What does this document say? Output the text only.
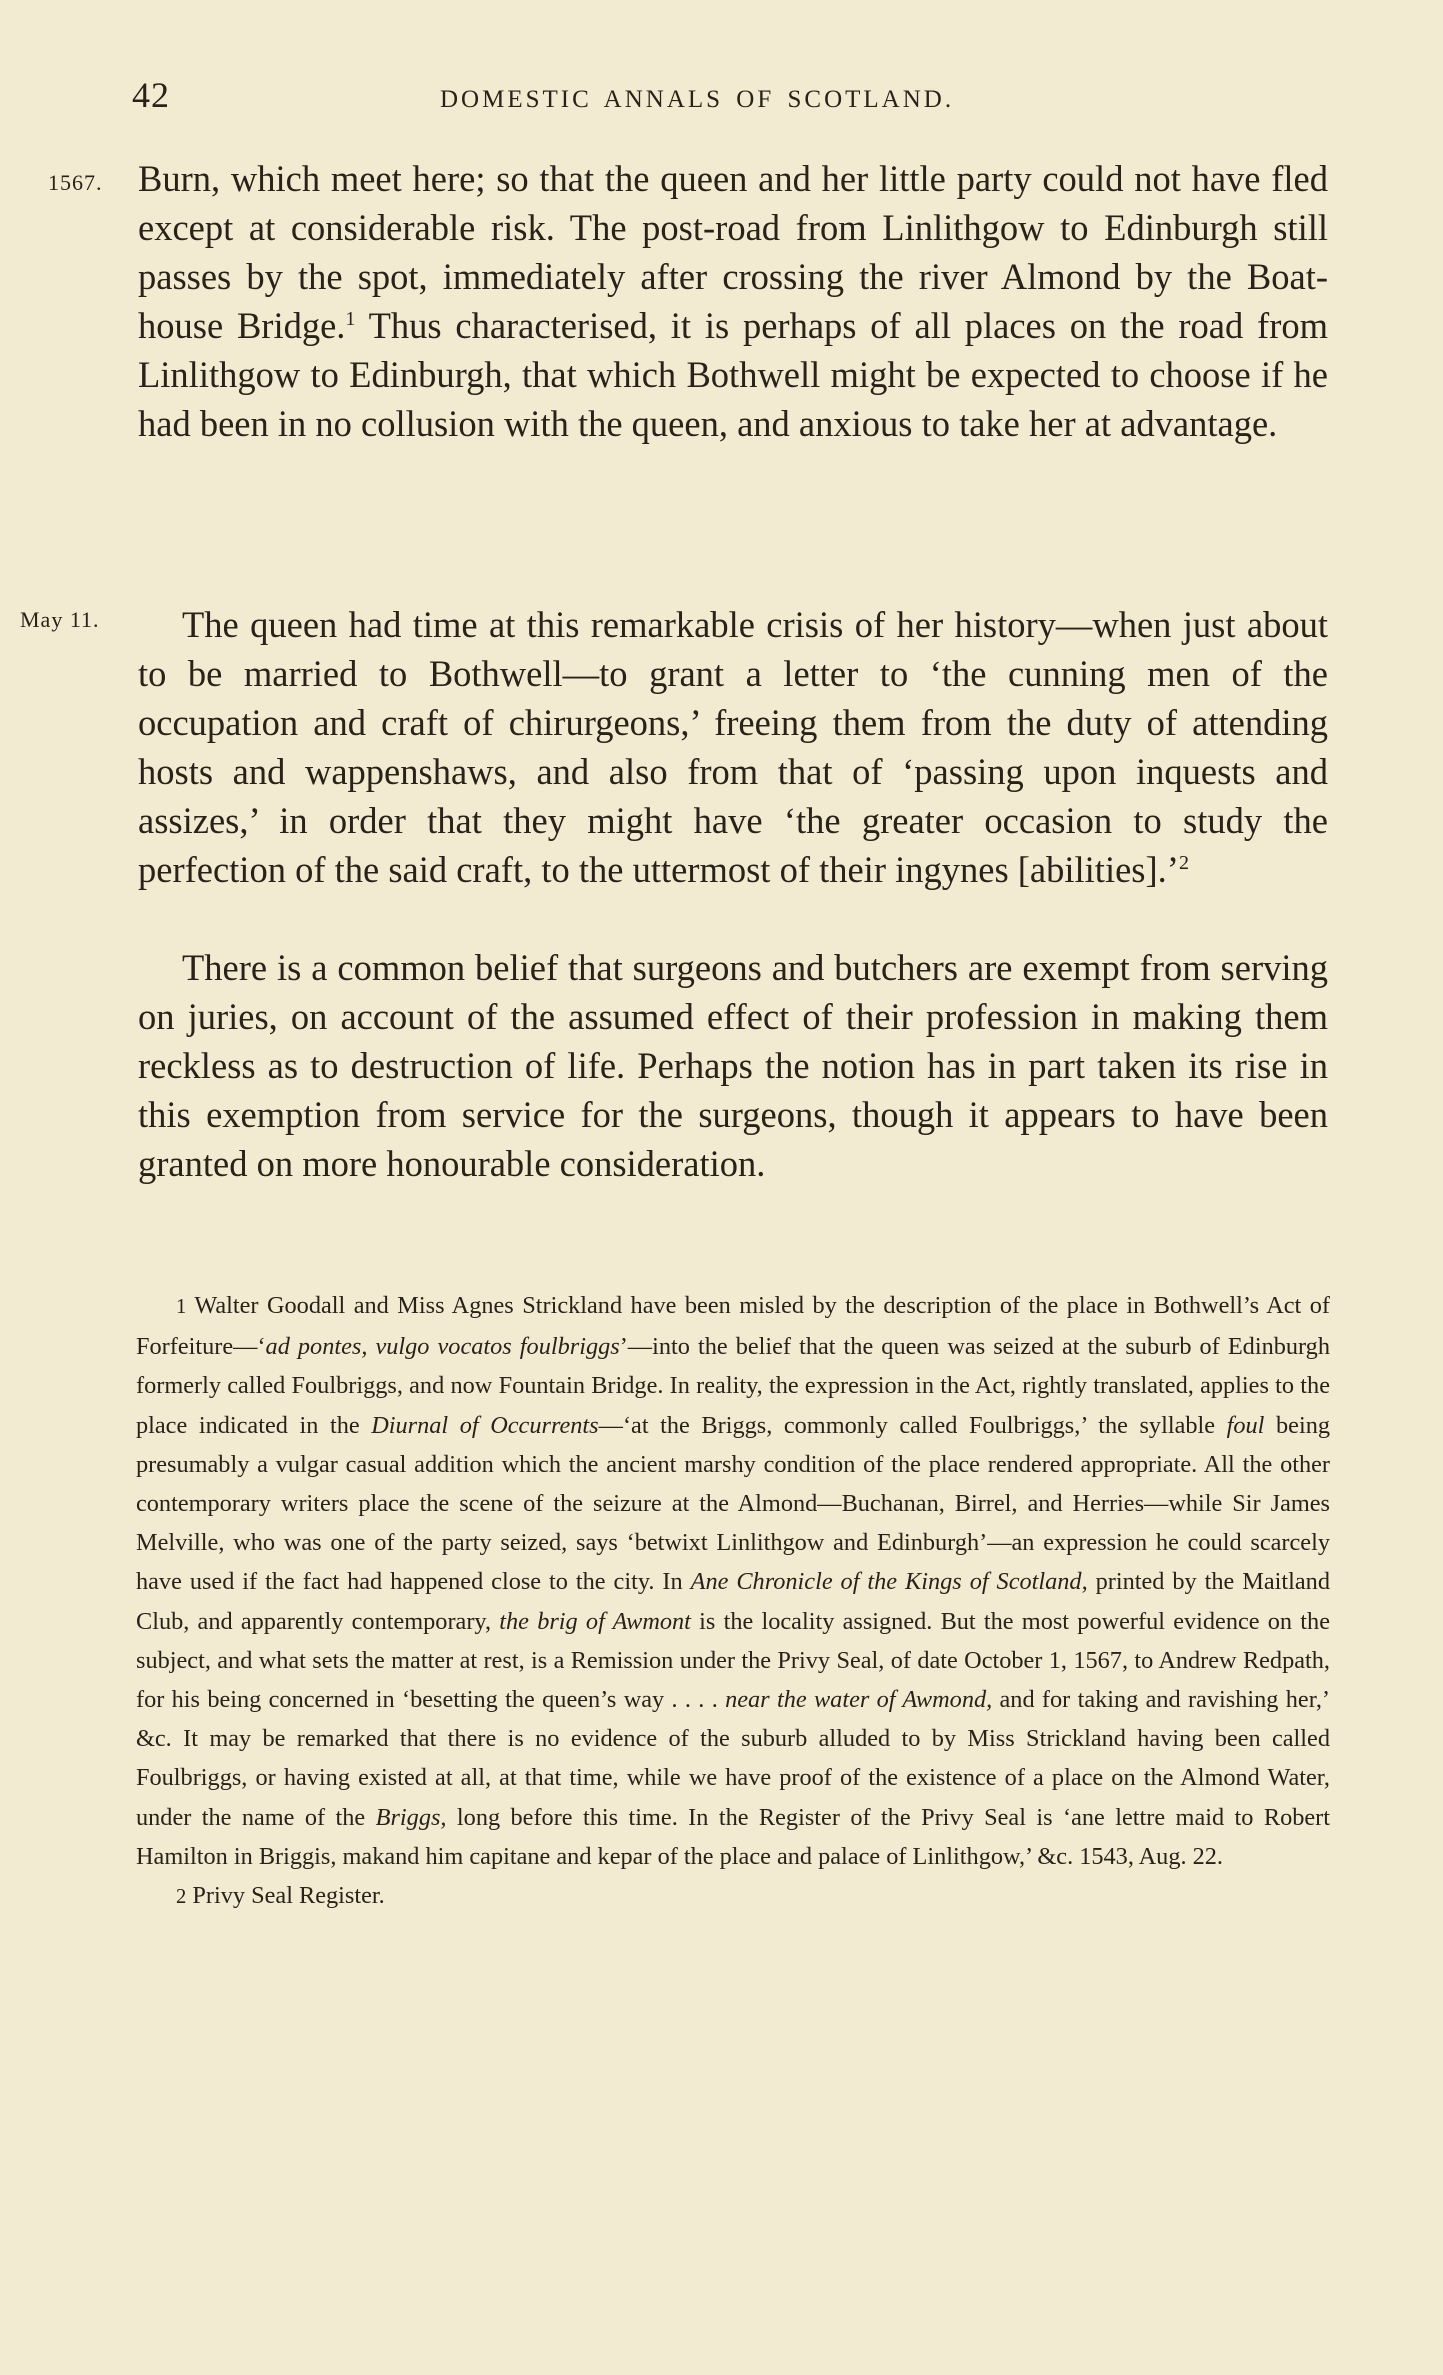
42	DOMESTIC ANNALS OF SCOTLAND.
1567.
May 11.

Burn, which meet here; so that the queen and her little party could not have fled except at considerable risk. The post-road from Linlithgow to Edinburgh still passes by the spot, immediately after crossing the river Almond by the Boat-house Bridge.$^1$ Thus characterised, it is perhaps of all places on the road from Linlithgow to Edinburgh, that which Bothwell might be expected to choose if he had been in no collusion with the queen, and anxious to take her at advantage.

The queen had time at this remarkable crisis of her history—when just about to be married to Bothwell—to grant a letter to ‘the cunning men of the occupation and craft of chirurgeons,’ freeing them from the duty of attending hosts and wappenshaws, and also from that of ‘passing upon inquests and assizes,’ in order that they might have ‘the greater occasion to study the perfection of the said craft, to the uttermost of their ingynes [abilities].’$^2$

There is a common belief that surgeons and butchers are exempt from serving on juries, on account of the assumed effect of their profession in making them reckless as to destruction of life. Perhaps the notion has in part taken its rise in this exemption from service for the surgeons, though it appears to have been granted on more honourable consideration.

1 Walter Goodall and Miss Agnes Strickland have been misled by the description of the place in Bothwell’s Act of Forfeiture—‘ad pontes, vulgo vocatos foulbriggs’—into the belief that the queen was seized at the suburb of Edinburgh formerly called Foulbriggs, and now Fountain Bridge. In reality, the expression in the Act, rightly translated, applies to the place indicated in the Diurnal of Occurrents—‘at the Briggs, commonly called Foulbriggs,’ the syllable foul being presumably a vulgar casual addition which the ancient marshy condition of the place rendered appropriate. All the other contemporary writers place the scene of the seizure at the Almond—Buchanan, Birrel, and Herries—while Sir James Melville, who was one of the party seized, says ‘betwixt Linlithgow and Edinburgh’—an expression he could scarcely have used if the fact had happened close to the city. In Ane Chronicle of the Kings of Scotland, printed by the Maitland Club, and apparently contemporary, the brig of Awmont is the locality assigned. But the most powerful evidence on the subject, and what sets the matter at rest, is a Remission under the Privy Seal, of date October 1, 1567, to Andrew Redpath, for his being concerned in ‘besetting the queen’s way . . . . near the water of Awmond, and for taking and ravishing her,’ &c. It may be remarked that there is no evidence of the suburb alluded to by Miss Strickland having been called Foulbriggs, or having existed at all, at that time, while we have proof of the existence of a place on the Almond Water, under the name of the Briggs, long before this time. In the Register of the Privy Seal is ‘ane lettre maid to Robert Hamilton in Briggis, makand him capitane and kepar of the place and palace of Linlithgow,’ &c. 1543, Aug. 22.

2 Privy Seal Register.
